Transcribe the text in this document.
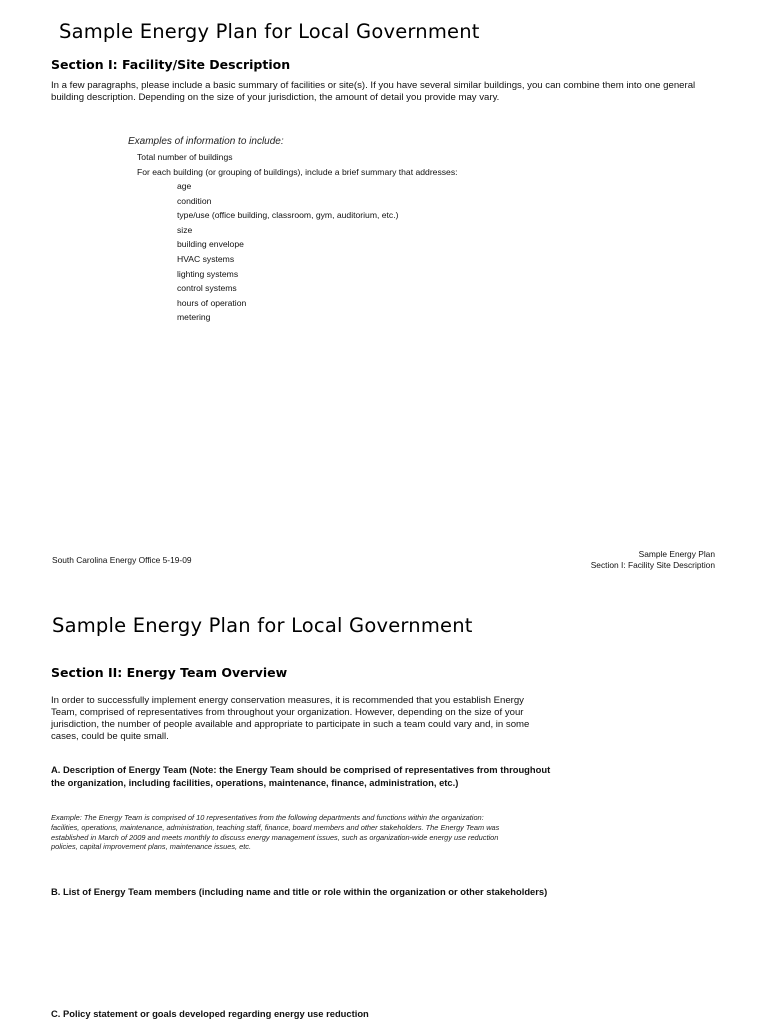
Sample Energy Plan for Local Government
Section I: Facility/Site Description
In a few paragraphs, please include a basic summary of facilities or site(s). If you have several similar buildings, you can combine them into one general
building description. Depending on the size of your jurisdiction, the amount of detail you provide may vary.
Examples of information to include:
Total number of buildings
For each building (or grouping of buildings), include a brief summary that addresses:
age
condition
type/use (office building, classroom, gym, auditorium, etc.)
size
building envelope
HVAC systems
lighting systems
control systems
hours of operation
metering
South Carolina Energy Office 5-19-09
Sample Energy Plan
Section I: Facility Site Description
Sample Energy Plan for Local Government
Section II: Energy Team Overview
In order to successfully implement energy conservation measures, it is recommended that you establish Energy
Team, comprised of representatives from throughout your organization. However, depending on the size of your
jurisdiction, the number of people available and appropriate to participate in such a team could vary and, in some
cases, could be quite small.
A. Description of Energy Team (Note: the Energy Team should be comprised of representatives from throughout
the organization, including facilities, operations, maintenance, finance, administration, etc.)
Example: The Energy Team is comprised of 10 representatives from the following departments and functions within the organization:
facilities, operations, maintenance, administration, teaching staff, finance, board members and other stakeholders. The Energy Team was
established in March of 2009 and meets monthly to discuss energy management issues, such as organization-wide energy use reduction
policies, capital improvement plans, maintenance issues, etc.
B. List of Energy Team members (including name and title or role within the organization or other stakeholders)
C. Policy statement or goals developed regarding energy use reduction
